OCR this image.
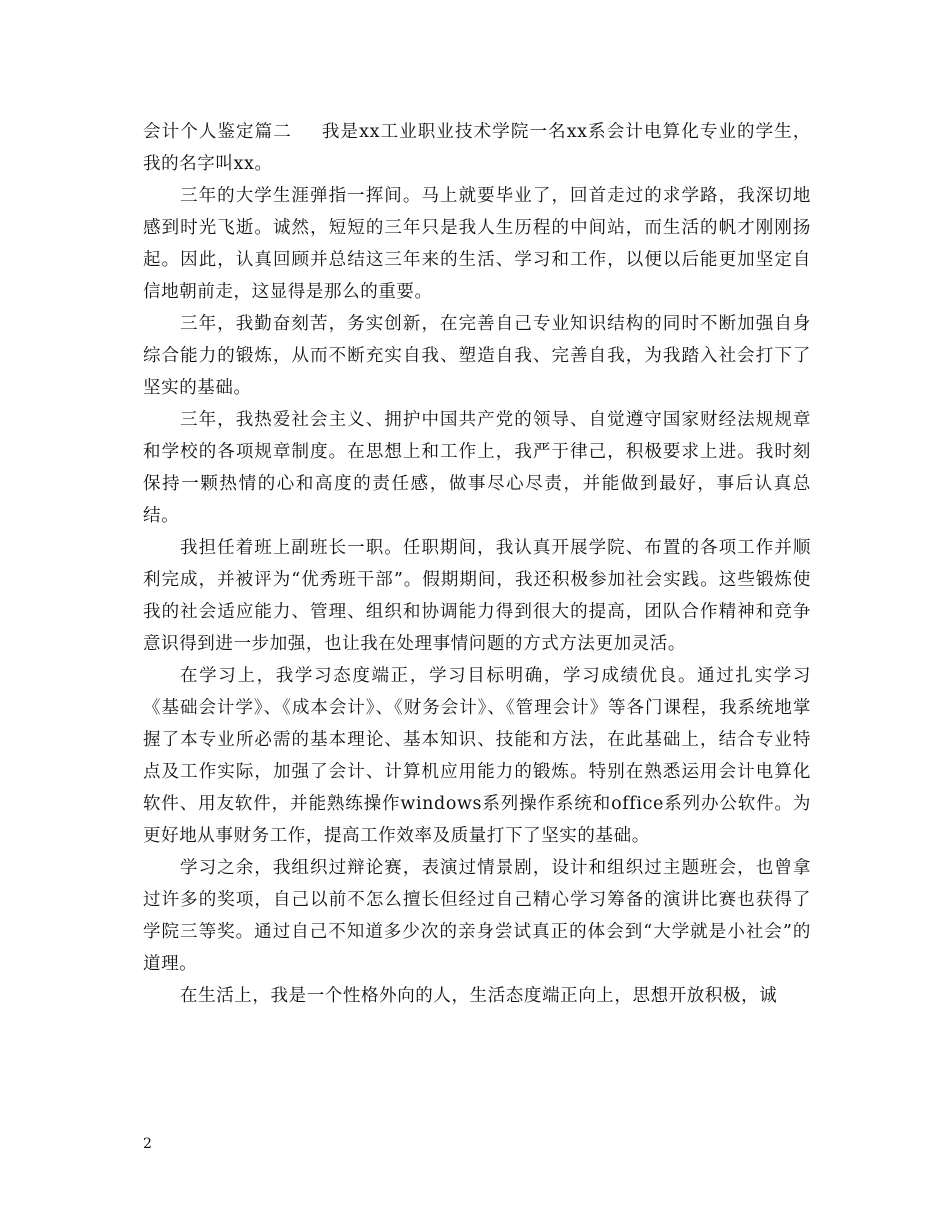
会计个人鉴定篇二 我是xx工业职业技术学院一名xx系会计电算化专业的学生，我的名字叫xx。

三年的大学生涯弹指一挥间。马上就要毕业了，回首走过的求学路，我深切地感到时光飞逝。诚然，短短的三年只是我人生历程的中间站，而生活的帆才刚刚扬起。因此，认真回顾并总结这三年来的生活、学习和工作，以便以后能更加坚定自信地朝前走，这显得是那么的重要。

三年，我勤奋刻苦，务实创新，在完善自己专业知识结构的同时不断加强自身综合能力的锻炼，从而不断充实自我、塑造自我、完善自我，为我踏入社会打下了坚实的基础。

三年，我热爱社会主义、拥护中国共产党的领导、自觉遵守国家财经法规规章和学校的各项规章制度。在思想上和工作上，我严于律己，积极要求上进。我时刻保持一颗热情的心和高度的责任感，做事尽心尽责，并能做到最好，事后认真总结。

我担任着班上副班长一职。任职期间，我认真开展学院、布置的各项工作并顺利完成，并被评为“优秀班干部”。假期期间，我还积极参加社会实践。这些锻炼使我的社会适应能力、管理、组织和协调能力得到很大的提高，团队合作精神和竞争意识得到进一步加强，也让我在处理事情问题的方式方法更加灵活。

在学习上，我学习态度端正，学习目标明确，学习成绩优良。通过扎实学习《基础会计学》、《成本会计》、《财务会计》、《管理会计》等各门课程，我系统地掌握了本专业所必需的基本理论、基本知识、技能和方法，在此基础上，结合专业特点及工作实际，加强了会计、计算机应用能力的锻炼。特别在熟悉运用会计电算化软件、用友软件，并能熟练操作windows系列操作系统和office系列办公软件。为更好地从事财务工作，提高工作效率及质量打下了坚实的基础。

学习之余，我组织过辩论赛，表演过情景剧，设计和组织过主题班会，也曾拿过许多的奖项，自己以前不怎么擅长但经过自己精心学习筹备的演讲比赛也获得了学院三等奖。通过自己不知道多少次的亲身尝试真正的体会到“大学就是小社会”的道理。

在生活上，我是一个性格外向的人，生活态度端正向上，思想开放积极，诚

2
